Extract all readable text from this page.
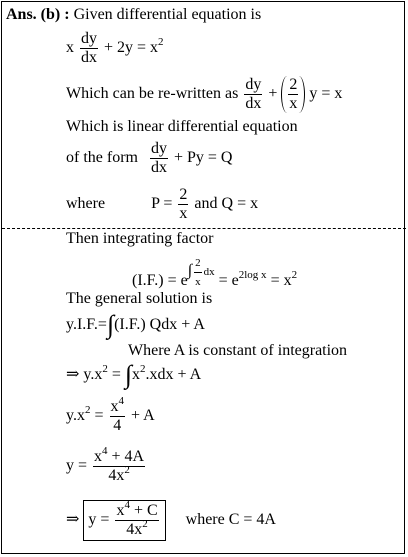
Ans. (b) : Given differential equation is
x $\frac{dy}{dx} + 2y = x^2$
Which can be re-written as $\frac{dy}{dx} + \frac{2}{x}$ y = x
Which is linear differential equation
of the form $\frac{dy}{dx} + Py = Q$
where	$P = \frac{2}{x}$ and Q = x
Then integrating factor
$(I.F.) = e\int \frac{2}{x}$ dx = $e^{2log x} = x^2$
The general solution is
y.I.F.=∫(I.F.) Qdx + A
Where A is constant of integration
⇒ $y.x^2 = \int x^2.xdx + A$
$y.x^2 = \frac{x^4}{4} + A$
$y = \frac{x^4 + 4A}{4x^2}$
⇒ $y = \frac{x^4 + C}{4x^2}$ where C = 4A
